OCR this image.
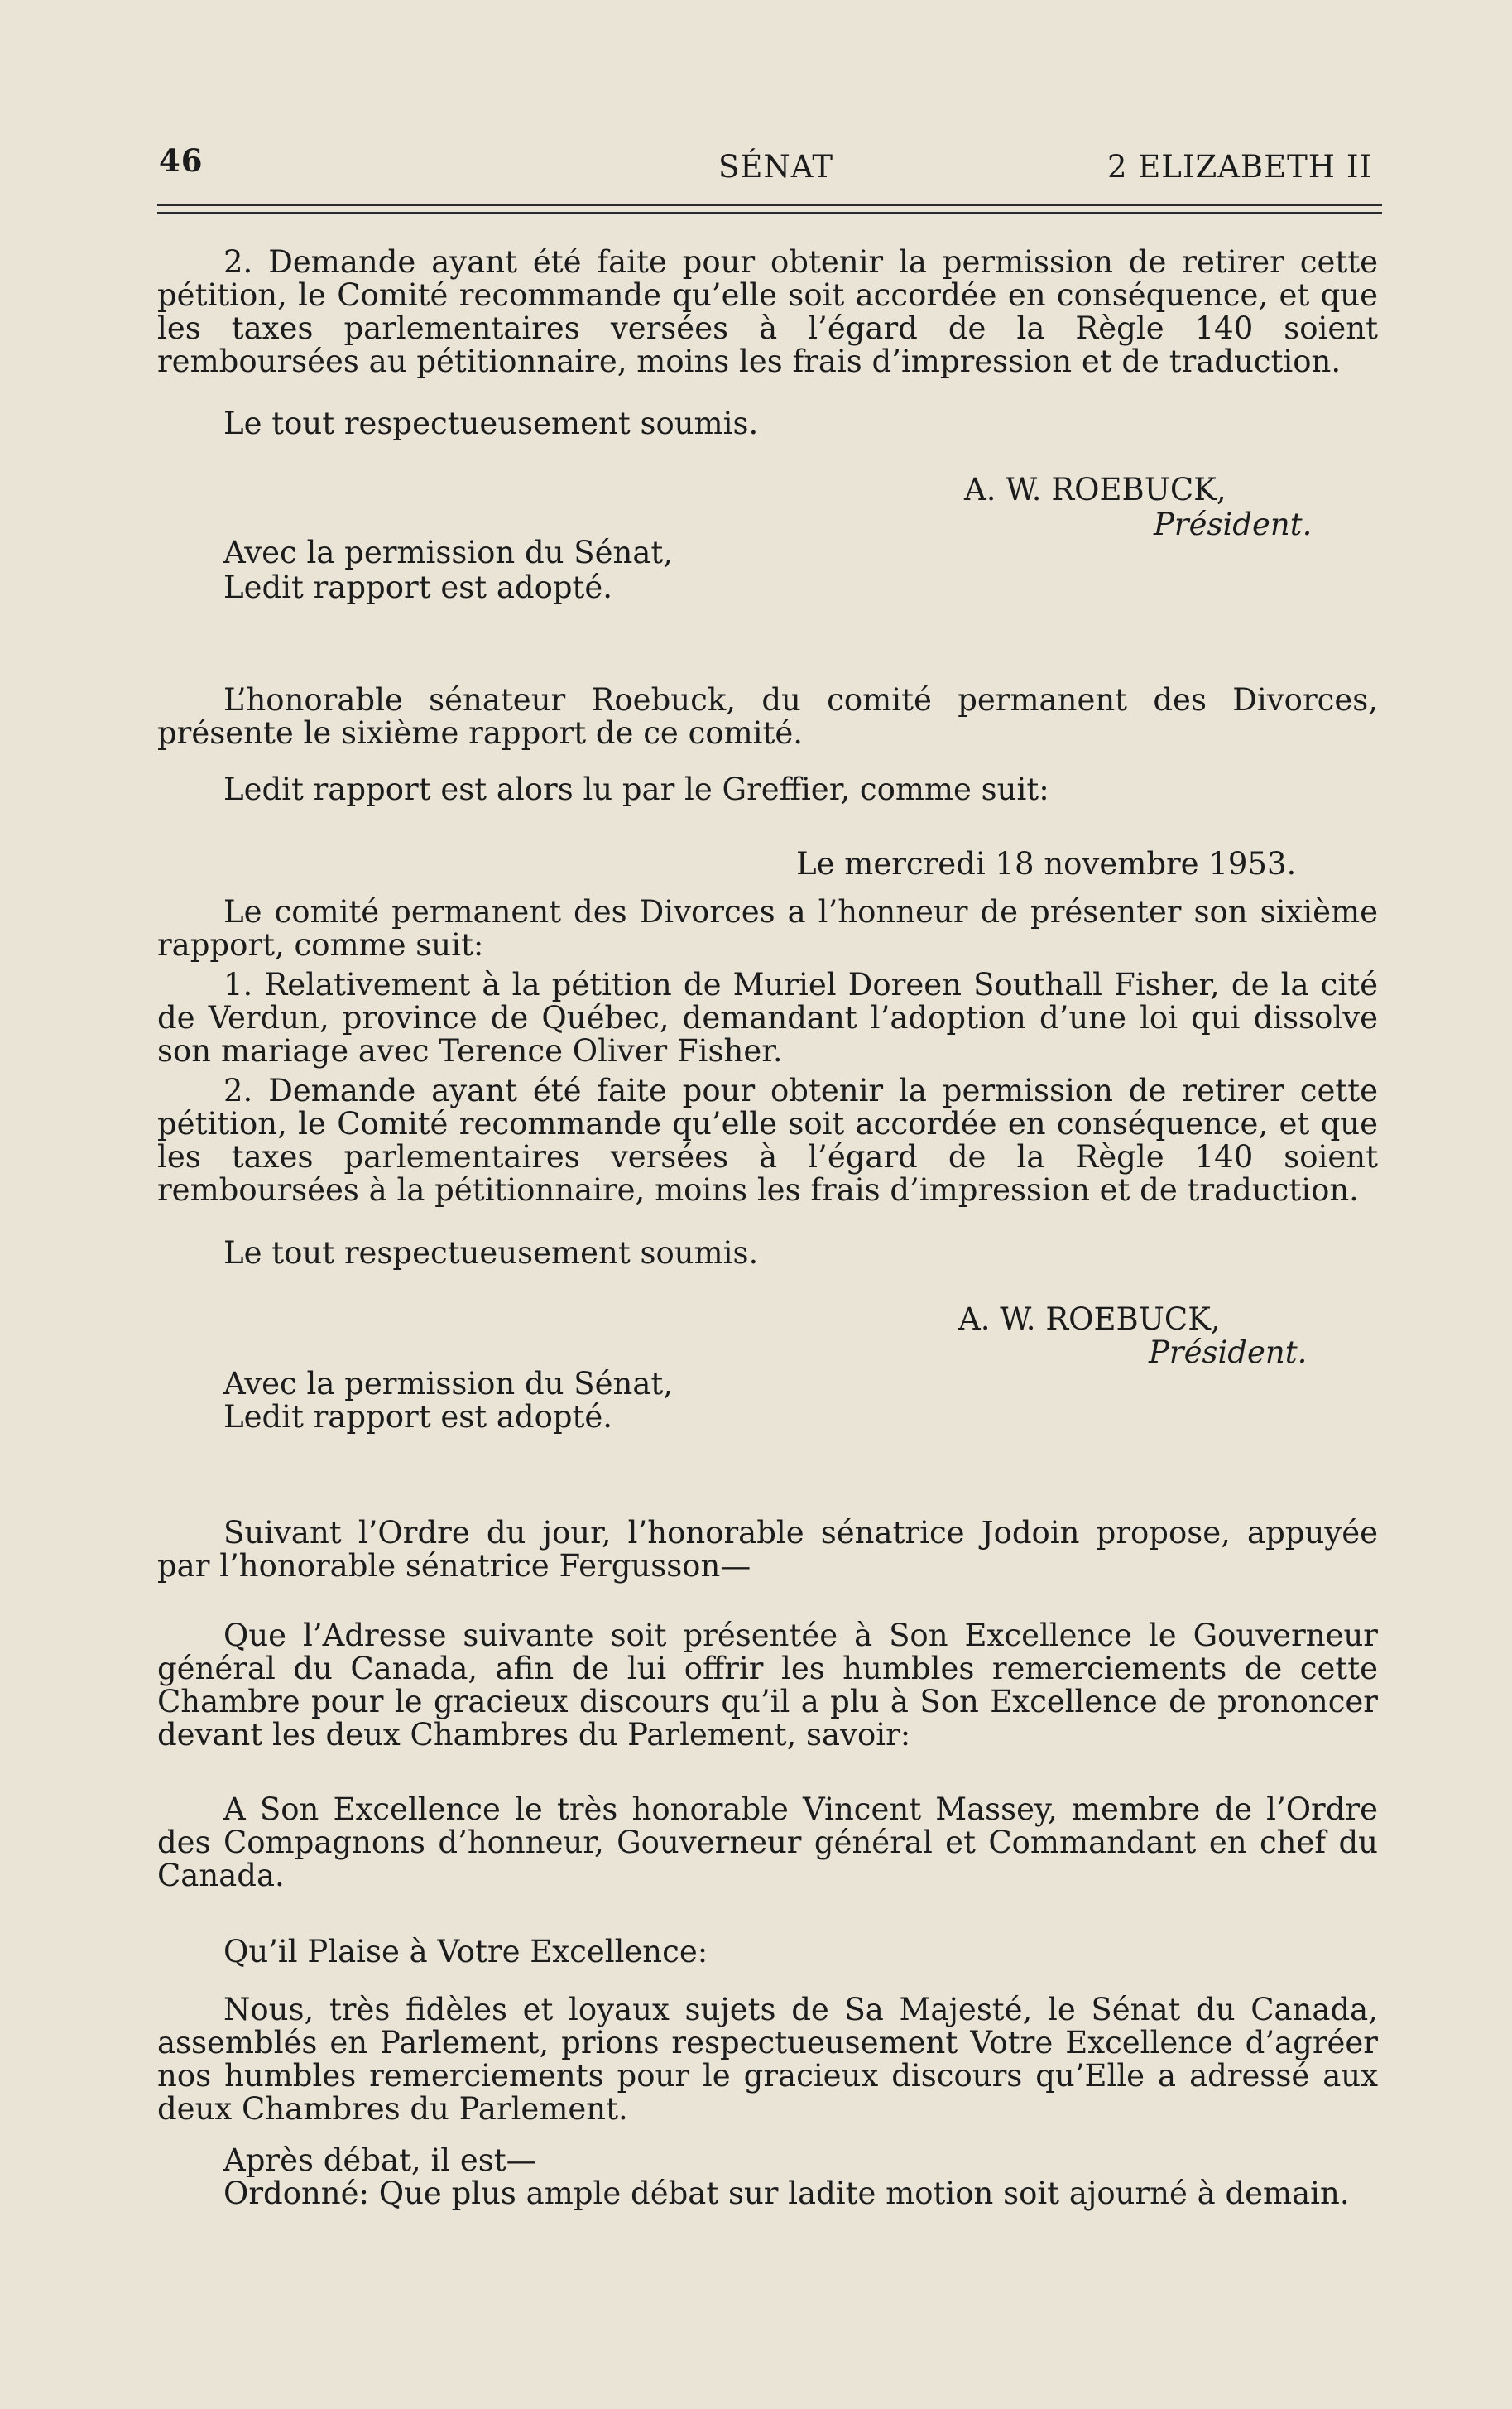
46	SÉNAT	2 ELIZABETH II

2. Demande ayant été faite pour obtenir la permission de retirer cette pétition, le Comité recommande qu’elle soit accordée en conséquence, et que les taxes parlementaires versées à l’égard de la Règle 140 soient remboursées au pétitionnaire, moins les frais d’impression et de traduction.

Le tout respectueusement soumis.
A. W. ROEBUCK,
Président.
Avec la permission du Sénat,
Ledit rapport est adopté.

L’honorable sénateur Roebuck, du comité permanent des Divorces, présente le sixième rapport de ce comité.

Ledit rapport est alors lu par le Greffier, comme suit:
Le mercredi 18 novembre 1953.

Le comité permanent des Divorces a l’honneur de présenter son sixième rapport, comme suit:

1. Relativement à la pétition de Muriel Doreen Southall Fisher, de la cité de Verdun, province de Québec, demandant l’adoption d’une loi qui dissolve son mariage avec Terence Oliver Fisher.

2. Demande ayant été faite pour obtenir la permission de retirer cette pétition, le Comité recommande qu’elle soit accordée en conséquence, et que les taxes parlementaires versées à l’égard de la Règle 140 soient remboursées à la pétitionnaire, moins les frais d’impression et de traduction.

Le tout respectueusement soumis.
A. W. ROEBUCK,
Président.
Avec la permission du Sénat,
Ledit rapport est adopté.

Suivant l’Ordre du jour, l’honorable sénatrice Jodoin propose, appuyée par l’honorable sénatrice Fergusson—

Que l’Adresse suivante soit présentée à Son Excellence le Gouverneur général du Canada, afin de lui offrir les humbles remerciements de cette Chambre pour le gracieux discours qu’il a plu à Son Excellence de prononcer devant les deux Chambres du Parlement, savoir:

A Son Excellence le très honorable Vincent Massey, membre de l’Ordre des Compagnons d’honneur, Gouverneur général et Commandant en chef du Canada.

Qu’il Plaise à Votre Excellence:

Nous, très fidèles et loyaux sujets de Sa Majesté, le Sénat du Canada, assemblés en Parlement, prions respectueusement Votre Excellence d’agréer nos humbles remerciements pour le gracieux discours qu’Elle a adressé aux deux Chambres du Parlement.

Après débat, il est—
Ordonné: Que plus ample débat sur ladite motion soit ajourné à demain.
